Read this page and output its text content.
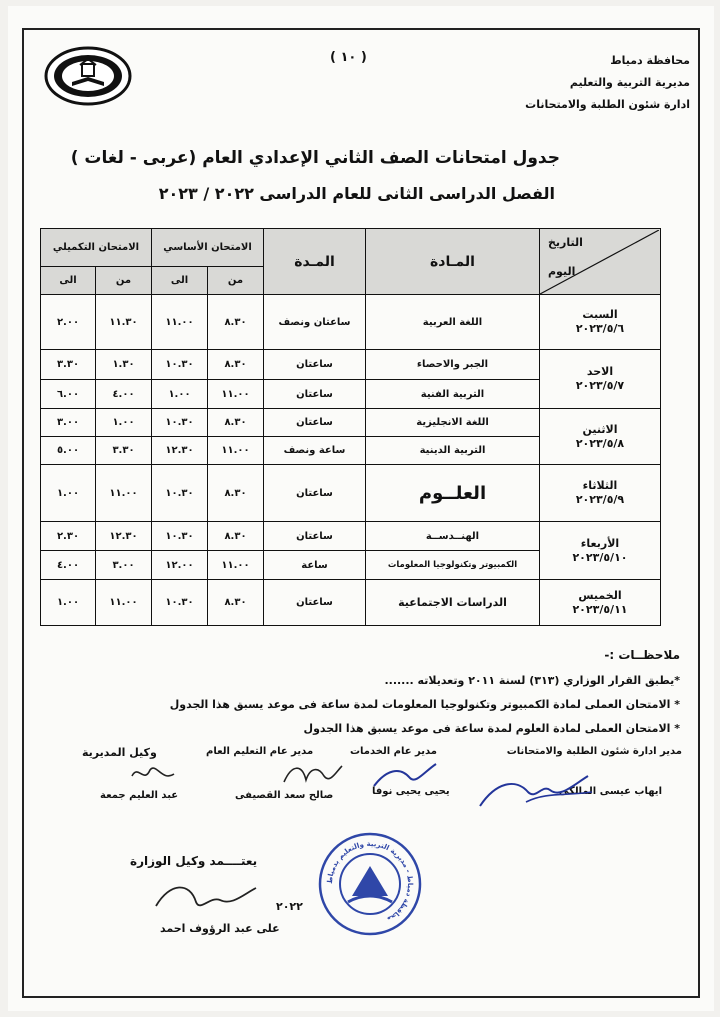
محافظة دمياط
مديرية التربية والتعليم
ادارة شئون الطلبة والامتحانات
( ١٠ )
جدول امتحانات الصف الثاني الإعدادي العام (عربى - لغات )
الفصل الدراسى الثانى للعام الدراسى ٢٠٢٢ / ٢٠٢٣
التاريخ
اليوم	المـادة	المـدة	الامتحان الأساسي		الامتحان التكميلي	
			من	الى	من	الى

السبت
٢٠٢٣/٥/٦	اللغة العربية	ساعتان ونصف	٨.٣٠	١١.٠٠	١١.٣٠	٢.٠٠

الاحد
٢٠٢٣/٥/٧	الجبر والاحصاء	ساعتان	٨.٣٠	١٠.٣٠	١.٣٠	٣.٣٠
	التربية الفنية	ساعتان	١١.٠٠	١.٠٠	٤.٠٠	٦.٠٠

الاثنين
٢٠٢٣/٥/٨	اللغة الانجليزية	ساعتان	٨.٣٠	١٠.٣٠	١.٠٠	٣.٠٠
	التربية الدينية	ساعة ونصف	١١.٠٠	١٢.٣٠	٣.٣٠	٥.٠٠

الثلاثاء
٢٠٢٣/٥/٩	العلــوم	ساعتان	٨.٣٠	١٠.٣٠	١١.٠٠	١.٠٠

الأربعاء
٢٠٢٣/٥/١٠	الهنــدســة	ساعتان	٨.٣٠	١٠.٣٠	١٢.٣٠	٢.٣٠
	الكمبيوتر وتكنولوجيا المعلومات	ساعة	١١.٠٠	١٢.٠٠	٣.٠٠	٤.٠٠

الخميس
٢٠٢٣/٥/١١	الدراسات الاجتماعية	ساعتان	٨.٣٠	١٠.٣٠	١١.٠٠	١.٠٠
ملاحظــات :-
*يطبق القرار الوزاري (٣١٣) لسنة ٢٠١١ وتعديلاته .......
* الامتحان العملى لمادة الكمبيوتر وتكنولوجيا المعلومات لمدة ساعة فى موعد يسبق هذا الجدول
* الامتحان العملى لمادة العلوم لمدة ساعة فى موعد يسبق هذا الجدول
مدير ادارة شئون الطلبة والامتحانات
مدير عام الخدمات
مدير عام التعليم العام
وكيل المديرية
ايهاب عيسى المالكى
يحيى يحيى نوفا
صالح سعد القصيفى
عبد العليم جمعة
يعتــــمد وكيل الوزارة
٢٠٢٢
على عبد الرؤوف احمد
محافظة دمياط - مديرية التربية والتعليم بدمياط
